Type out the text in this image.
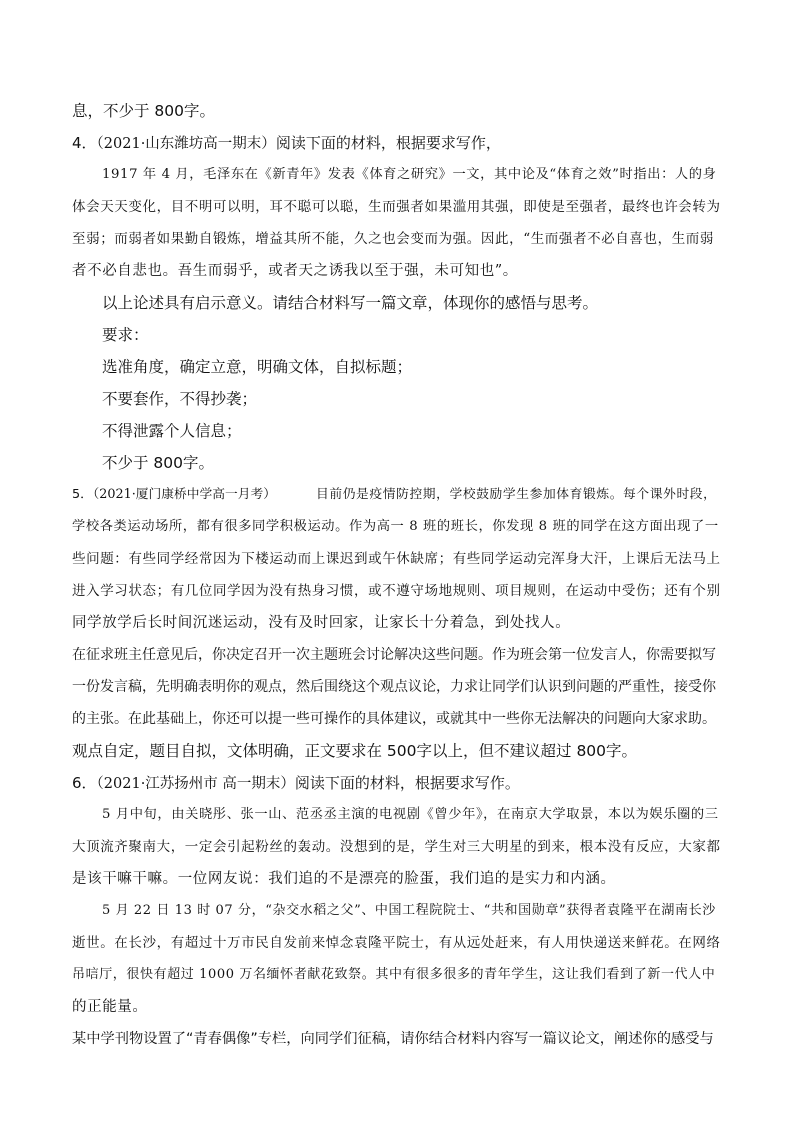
息，不少于 800字。
4．（2021·山东潍坊高一期末）阅读下面的材料，根据要求写作，
1917 年 4 月，毛泽东在《新青年》发表《体育之研究》一文，其中论及“体育之效”时指出：人的身
体会天天变化，目不明可以明，耳不聪可以聪，生而强者如果滥用其强，即使是至强者，最终也许会转为
至弱；而弱者如果勤自锻炼，增益其所不能，久之也会变而为强。因此，“生而强者不必自喜也，生而弱
者不必自悲也。吾生而弱乎，或者天之诱我以至于强，未可知也”。
以上论述具有启示意义。请结合材料写一篇文章，体现你的感悟与思考。
要求：
选准角度，确定立意，明确文体，自拟标题；
不要套作，不得抄袭；
不得泄露个人信息；
不少于 800字。
5．（2021·厦门康桥中学高一月考）	目前仍是疫情防控期，学校鼓励学生参加体育锻炼。每个课外时段，
学校各类运动场所，都有很多同学积极运动。作为高一 8 班的班长，你发现 8 班的同学在这方面出现了一
些问题：有些同学经常因为下楼运动而上课迟到或午休缺席；有些同学运动完浑身大汗，上课后无法马上
进入学习状态；有几位同学因为没有热身习惯，或不遵守场地规则、项目规则，在运动中受伤；还有个别
同学放学后长时间沉迷运动，没有及时回家，让家长十分着急，到处找人。
在征求班主任意见后，你决定召开一次主题班会讨论解决这些问题。作为班会第一位发言人，你需要拟写
一份发言稿，先明确表明你的观点，然后围绕这个观点议论，力求让同学们认识到问题的严重性，接受你
的主张。在此基础上，你还可以提一些可操作的具体建议，或就其中一些你无法解决的问题向大家求助。
观点自定，题目自拟，文体明确，正文要求在 500字以上，但不建议超过 800字。
6．（2021·江苏扬州市 高一期末）阅读下面的材料，根据要求写作。
5 月中旬，由关晓彤、张一山、范丞丞主演的电视剧《曾少年》，在南京大学取景，本以为娱乐圈的三
大顶流齐聚南大，一定会引起粉丝的轰动。没想到的是，学生对三大明星的到来，根本没有反应，大家都
是该干嘛干嘛。一位网友说：我们追的不是漂亮的脸蛋，我们追的是实力和内涵。
5 月 22 日 13 时 07 分，“杂交水稻之父”、中国工程院院士、“共和国勋章”获得者袁隆平在湖南长沙
逝世。在长沙，有超过十万市民自发前来悼念袁隆平院士，有从远处赶来，有人用快递送来鲜花。在网络
吊唁厅，很快有超过 1000 万名缅怀者献花致祭。其中有很多很多的青年学生，这让我们看到了新一代人中
的正能量。
某中学刊物设置了“青春偶像”专栏，向同学们征稿，请你结合材料内容写一篇议论文，阐述你的感受与
